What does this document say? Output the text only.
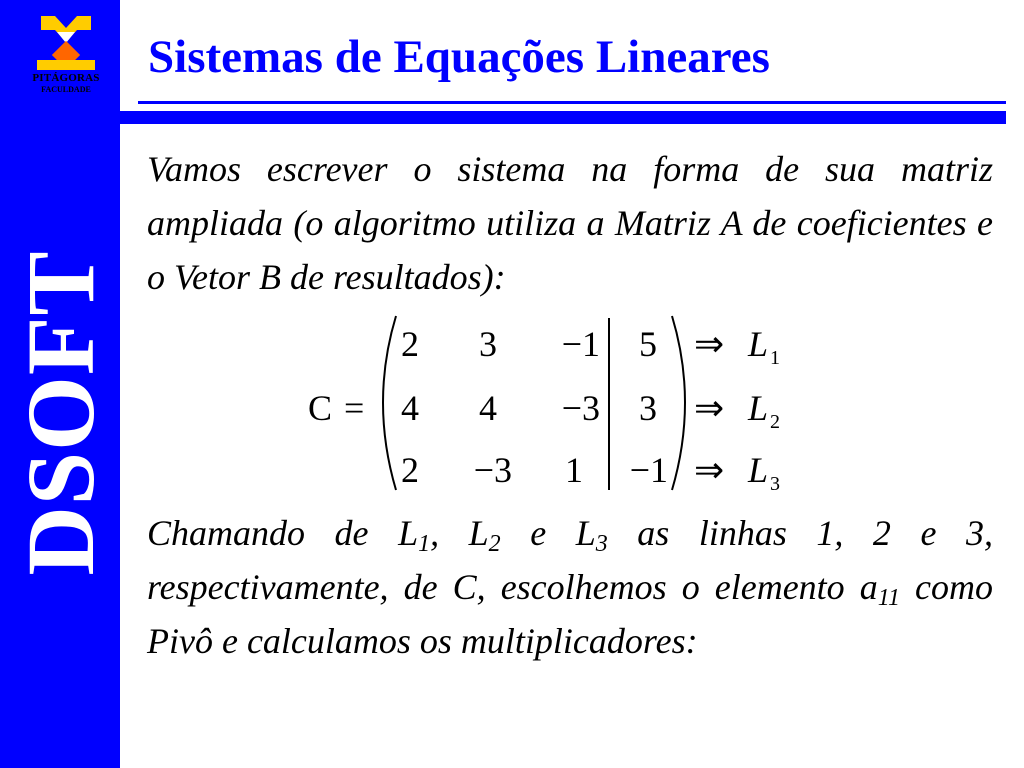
PITÁGORAS
FACULDADE
DSOFT
Sistemas de Equações Lineares
Vamos escrever o sistema na forma de sua matriz ampliada (o algoritmo utiliza a Matriz A de coeficientes e o Vetor B de resultados):
C =
2 3 −1 5 ⇒ L 1
4 4 −3 3 ⇒ L 2
2 −3 1 −1 ⇒ L 3
Chamando de $L_1$, $L_2$ e $L_3$ as linhas 1, 2 e 3, respectivamente, de C, escolhemos o elemento $a_{11}$ como Pivô e calculamos os multiplicadores:
